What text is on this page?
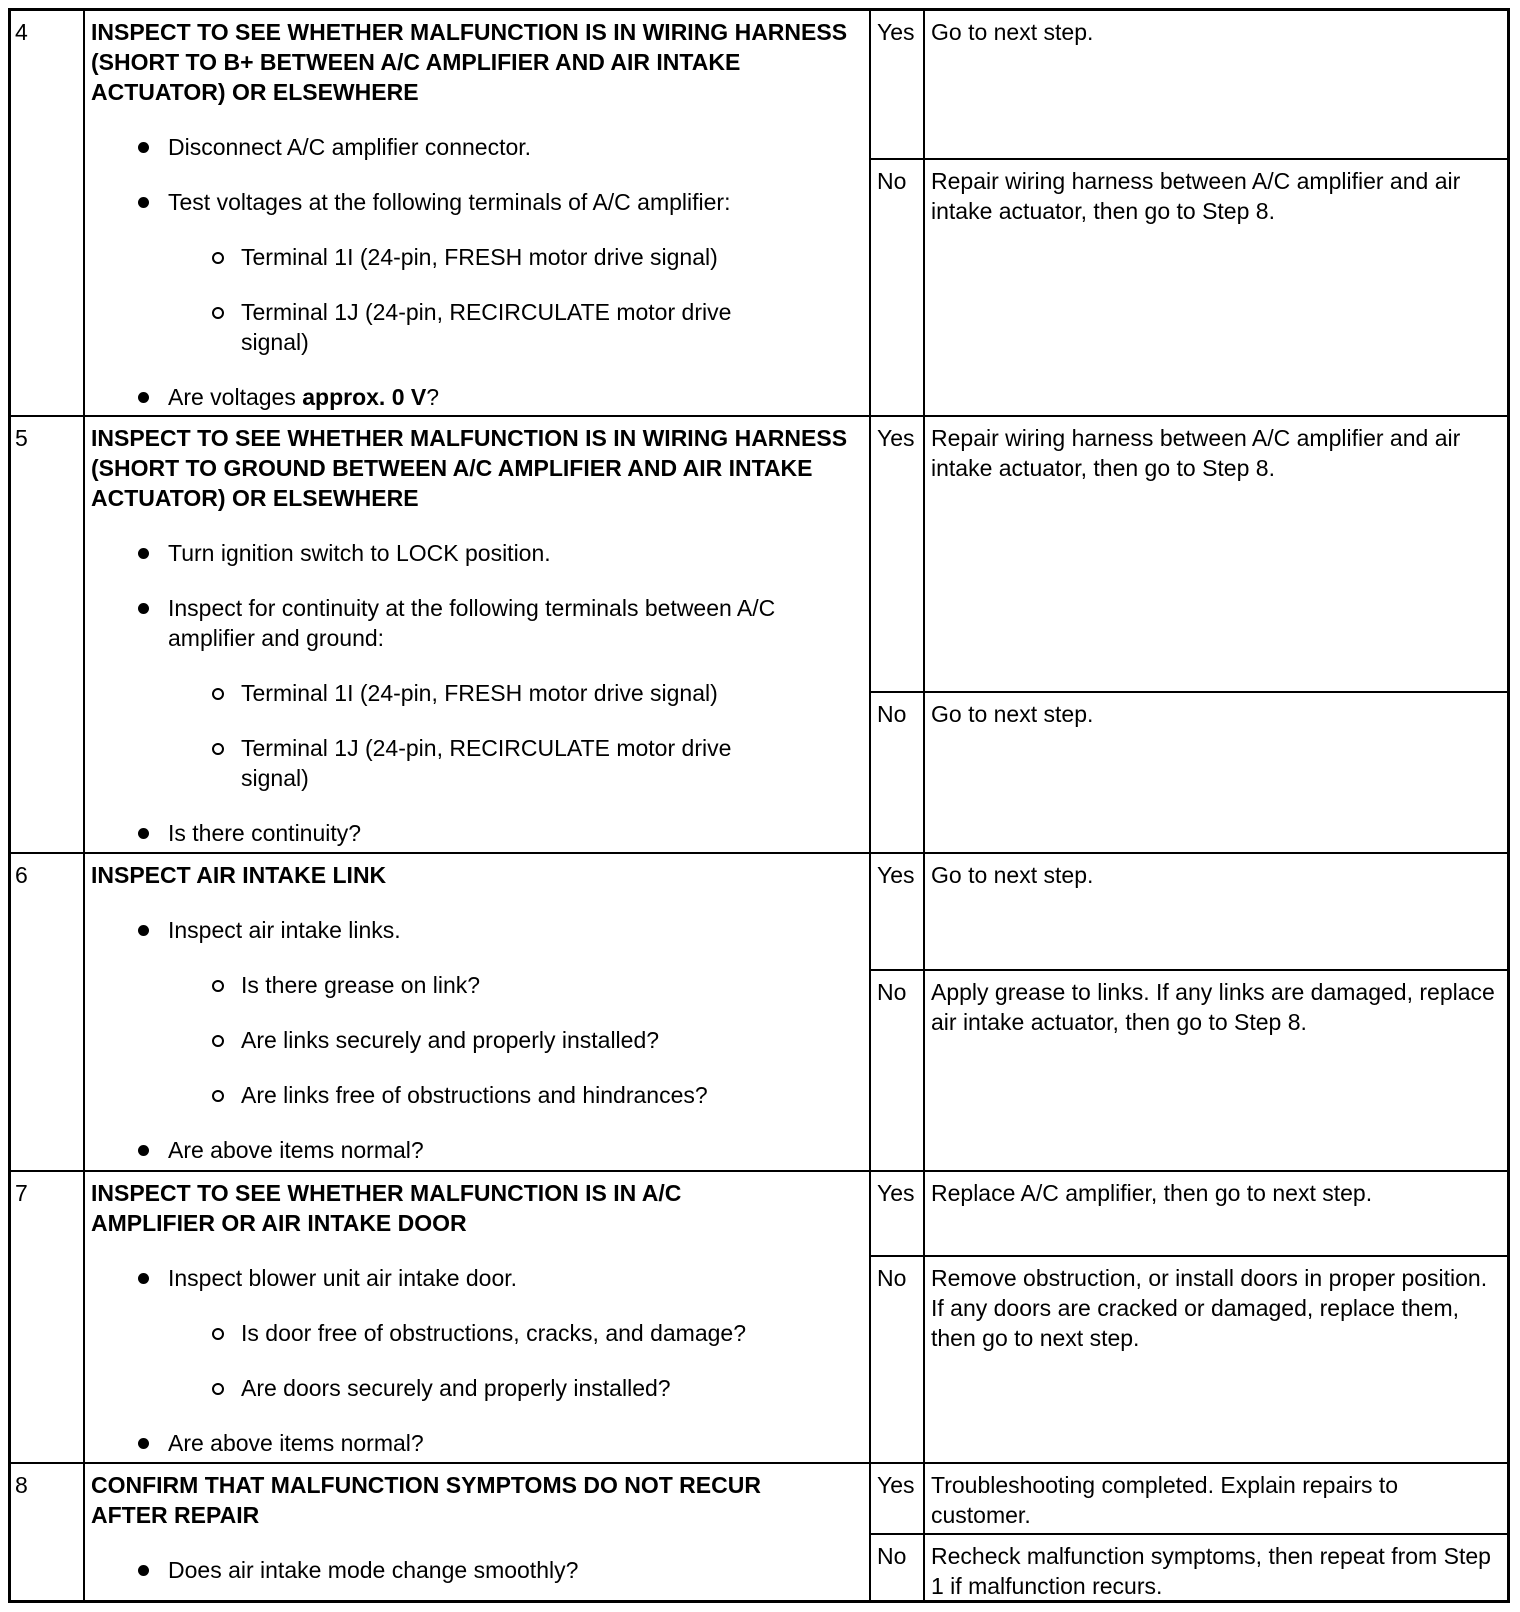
4	INSPECT TO SEE WHETHER MALFUNCTION IS IN WIRING HARNESS (SHORT TO B+ BETWEEN A/C AMPLIFIER AND AIR INTAKE ACTUATOR) OR ELSEWHERE
Disconnect A/C amplifier connector.
Test voltages at the following terminals of A/C amplifier:
Terminal 1I (24-pin, FRESH motor drive signal)
Terminal 1J (24-pin, RECIRCULATE motor drive signal)
Are voltages approx. 0 V?
Yes Go to next step.
No	Repair wiring harness between A/C amplifier and air intake actuator, then go to Step 8.
5	INSPECT TO SEE WHETHER MALFUNCTION IS IN WIRING HARNESS (SHORT TO GROUND BETWEEN A/C AMPLIFIER AND AIR INTAKE ACTUATOR) OR ELSEWHERE
Turn ignition switch to LOCK position.
Inspect for continuity at the following terminals between A/C amplifier and ground:
Terminal 1I (24-pin, FRESH motor drive signal)
Terminal 1J (24-pin, RECIRCULATE motor drive signal)
Is there continuity?
Yes Repair wiring harness between A/C amplifier and air intake actuator, then go to Step 8.
No	Go to next step.
6	INSPECT AIR INTAKE LINK
Inspect air intake links.
Is there grease on link?
Are links securely and properly installed?
Are links free of obstructions and hindrances?
Are above items normal?
Yes Go to next step.
No	Apply grease to links. If any links are damaged, replace air intake actuator, then go to Step 8.
7	INSPECT TO SEE WHETHER MALFUNCTION IS IN A/C AMPLIFIER OR AIR INTAKE DOOR
Inspect blower unit air intake door.
Is door free of obstructions, cracks, and damage?
Are doors securely and properly installed?
Are above items normal?
Yes Replace A/C amplifier, then go to next step.
No	Remove obstruction, or install doors in proper position. If any doors are cracked or damaged, replace them, then go to next step.
8	CONFIRM THAT MALFUNCTION SYMPTOMS DO NOT RECUR AFTER REPAIR
Does air intake mode change smoothly?
Yes Troubleshooting completed. Explain repairs to customer.
No	Recheck malfunction symptoms, then repeat from Step 1 if malfunction recurs.
